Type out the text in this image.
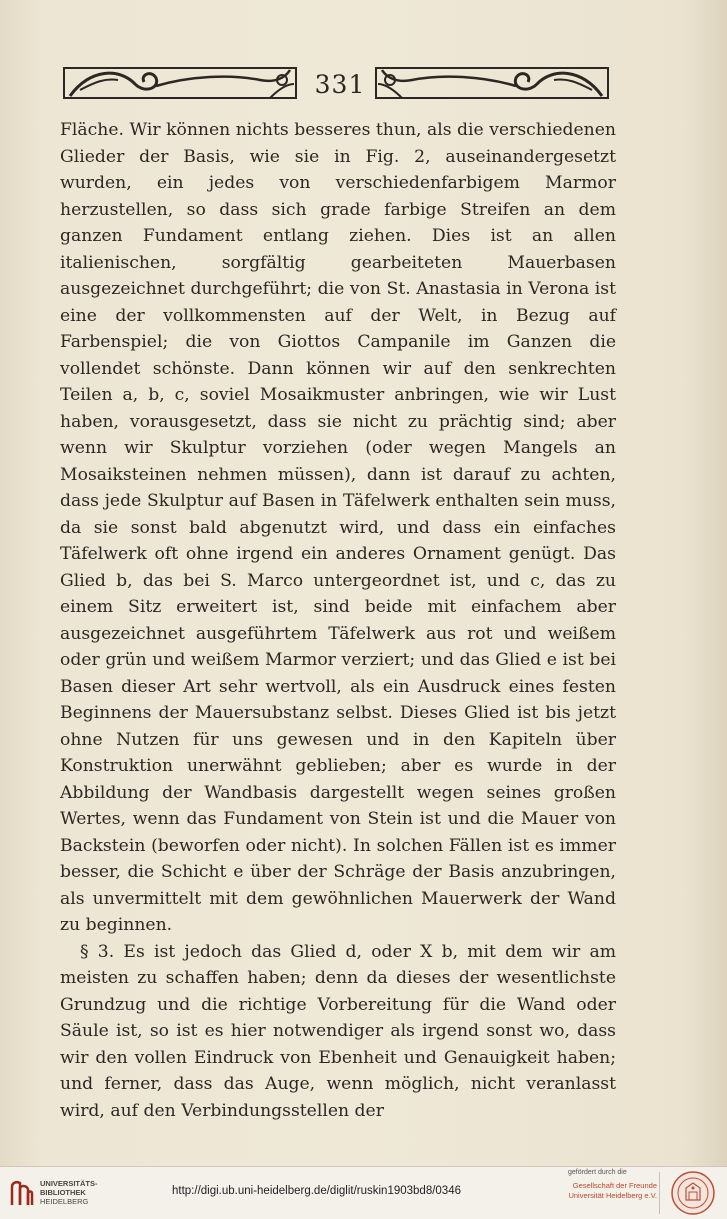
331

Fläche. Wir können nichts besseres thun, als die verschiedenen Glieder der Basis, wie sie in Fig. 2, auseinandergesetzt wurden, ein jedes von verschiedenfarbigem Marmor herzustellen, so dass sich grade farbige Streifen an dem ganzen Fundament entlang ziehen. Dies ist an allen italienischen, sorgfältig gearbeiteten Mauerbasen ausgezeichnet durchgeführt; die von St. Anastasia in Verona ist eine der vollkommensten auf der Welt, in Bezug auf Farbenspiel; die von Giottos Campanile im Ganzen die vollendet schönste. Dann können wir auf den senkrechten Teilen a, b, c, soviel Mosaikmuster anbringen, wie wir Lust haben, vorausgesetzt, dass sie nicht zu prächtig sind; aber wenn wir Skulptur vorziehen (oder wegen Mangels an Mosaiksteinen nehmen müssen), dann ist darauf zu achten, dass jede Skulptur auf Basen in Täfelwerk enthalten sein muss, da sie sonst bald abgenutzt wird, und dass ein einfaches Täfelwerk oft ohne irgend ein anderes Ornament genügt. Das Glied b, das bei S. Marco untergeordnet ist, und c, das zu einem Sitz erweitert ist, sind beide mit einfachem aber ausgezeichnet ausgeführtem Täfelwerk aus rot und weißem oder grün und weißem Marmor verziert; und das Glied e ist bei Basen dieser Art sehr wertvoll, als ein Ausdruck eines festen Beginnens der Mauersubstanz selbst. Dieses Glied ist bis jetzt ohne Nutzen für uns gewesen und in den Kapiteln über Konstruktion unerwähnt geblieben; aber es wurde in der Abbildung der Wandbasis dargestellt wegen seines großen Wertes, wenn das Fundament von Stein ist und die Mauer von Backstein (beworfen oder nicht). In solchen Fällen ist es immer besser, die Schicht e über der Schräge der Basis anzubringen, als unvermittelt mit dem gewöhnlichen Mauerwerk der Wand zu beginnen.

§ 3. Es ist jedoch das Glied d, oder X b, mit dem wir am meisten zu schaffen haben; denn da dieses der wesentlichste Grundzug und die richtige Vorbereitung für die Wand oder Säule ist, so ist es hier notwendiger als irgend sonst wo, dass wir den vollen Eindruck von Ebenheit und Genauigkeit haben; und ferner, dass das Auge, wenn möglich, nicht veranlasst wird, auf den Verbindungsstellen der

UNIVERSITÄTS-
BIBLIOTHEK
HEIDELBERG
http://digi.ub.uni-heidelberg.de/diglit/ruskin1903bd8/0346
gefördert durch die
Gesellschaft der Freunde
Universität Heidelberg e.V.
